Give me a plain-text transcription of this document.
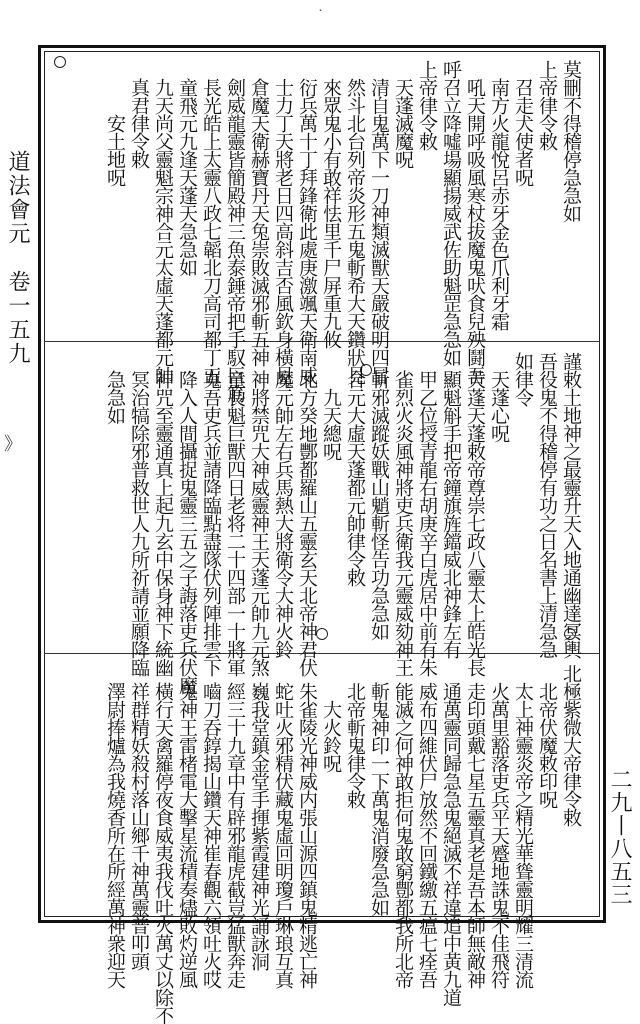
˙
道法會元　卷一五九
》
二九丨八五三
莫刪不得稽停急急如
上帝律令敕
　召走犬使者呪
　南方火龍悅呂赤牙金色爪利牙霜
　吼天開呼吸風寒杖拔魔鬼吠食兒殃鬪吾
呼召立降噓場顯揚威武佐助魁罡急急如
上帝律令敕
　天蓬滅魔呪
　清自鬼萬下一刀神類滅獸天嚴破明四冒
　然斗北台列帝炎形五鬼斬希大天鑽狀見
　來眾鬼小有敢祥怯里千尸屏重九攸
　衍兵萬十丁拜鋒衛此處庚激颯天衛南威
　士力丁天將老日四高斜吉否風欽身橫見
　倉魔天衛赫寶丹天兔崇敗滅邪斬五神
　劍威龍靈皆簡殿神三魚泰錘帝把手馭巨筋
　長光皓上太靈八政七韜北刀高司都丁五
　童飛元九逢天蓬天急急如
　九天尚父靈魁宗神合元太虛天蓬都元帥
　真君律令敕
　　　安土地呪
謹敕土地神之最靈升天入地通幽達冥輿
吾役鬼不得稽停有功之日名書上清急急
如律令
　天蓬心呪
　天蓬天蓬敕帝尊崇七政八靈太上皓光長
　顯魁斛手把帝鐘旗旌鐺威北神鋒左有
　甲乙位授青龍右胡庚辛白虎居中前有朱
　雀烈火炎風神將吏兵衛我元靈威劾神王
　斬邪滅蹤妖戰山魈斬怪告功急急如
　合元大虛天蓬都元帥律令敕
　　九天總呪
　北方癸地酆都羅山五靈玄天北帝神君伏
　魔元帥左右兵馬熱大將衛令大神火鈴
　神將禁咒大神威靈神王天蓬元帥九元煞
　童長魁巨獸四日老将二十四部一十將軍
　嵬吾吏兵並請降臨點盡隊伏列陣排雲下
　降入人間攝捉鬼靈三五之子誨落吏兵伏魔
　神咒至靈通真上起九玄中保身神下統幽
　冥治犒除邪普救世人九所祈請並願降臨
　急急如
北極紫微大帝律令敕
　北帝伏魔敕印呪
　太上神靈炎帝之精光華聳靈明耀三清流
　火萬里豁落吏兵平天蹙地誅鬼不佳飛符
　走印頭戴七星五靈真老是吾本師無敵神
　通萬靈同歸急急鬼絕滅不祥違追中黃九道
　威布四維伏尸放然不回鐵繳五瘟七痊吾
　能滅之何神敢拒何鬼敢窮鄷都我所北帝
　斬鬼神印一下萬鬼消廢急急如
　北帝斬鬼律令敕
　　大火鈴呪
　朱雀陵光神威内張山源四鎮鬼精逃亡神
　蛇吐火邪精伏藏鬼虛回明瓊戶琳琅互真
　巍我堂鎮金堂手揮紫霞建神光誦詠洞
　經三十九章中有辟邪龍虎截豈猛獸奔走
　嚙刀吞錞揭山鑽天神崔春觀六領吐火哎
　鬼神王雷楮電大擊星流積奏燼敗灼逆風
　橫行天禽羅停夜食威夷我伐吐火萬丈以除不
　祥群精妖殺村落山鄉千神萬靈普叩頭
　澤尉捧爐為我燒香所在所經萬神衆迎天
